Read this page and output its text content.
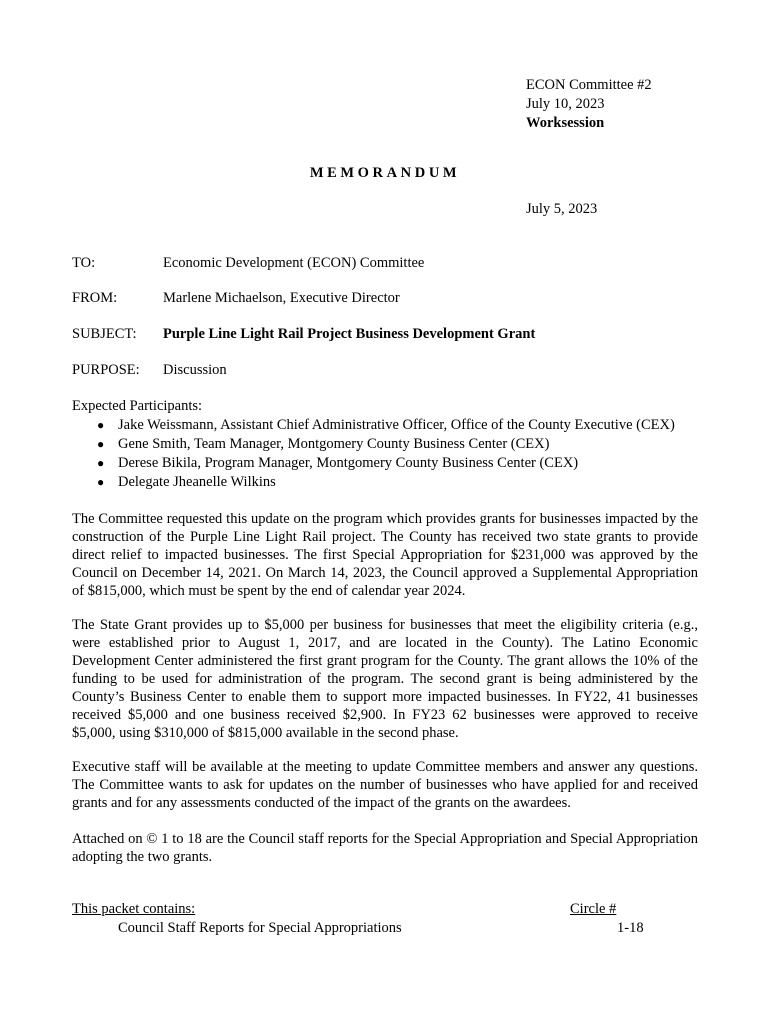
ECON Committee #2
July 10, 2023
Worksession
MEMORANDUM
July 5, 2023
TO:	Economic Development (ECON) Committee
FROM:	Marlene Michaelson, Executive Director
SUBJECT: Purple Line Light Rail Project Business Development Grant
PURPOSE: Discussion
Expected Participants:
● Jake Weissmann, Assistant Chief Administrative Officer, Office of the County Executive (CEX)
● Gene Smith, Team Manager, Montgomery County Business Center (CEX)
● Derese Bikila, Program Manager, Montgomery County Business Center (CEX)
● Delegate Jheanelle Wilkins

The Committee requested this update on the program which provides grants for businesses impacted by the construction of the Purple Line Light Rail project. The County has received two state grants to provide direct relief to impacted businesses. The first Special Appropriation for $231,000 was approved by the Council on December 14, 2021. On March 14, 2023, the Council approved a Supplemental Appropriation of $815,000, which must be spent by the end of calendar year 2024.

The State Grant provides up to $5,000 per business for businesses that meet the eligibility criteria (e.g., were established prior to August 1, 2017, and are located in the County). The Latino Economic Development Center administered the first grant program for the County. The grant allows the 10% of the funding to be used for administration of the program. The second grant is being administered by the County’s Business Center to enable them to support more impacted businesses. In FY22, 41 businesses received $5,000 and one business received $2,900. In FY23 62 businesses were approved to receive $5,000, using $310,000 of $815,000 available in the second phase.

Executive staff will be available at the meeting to update Committee members and answer any questions. The Committee wants to ask for updates on the number of businesses who have applied for and received grants and for any assessments conducted of the impact of the grants on the awardees.

Attached on © 1 to 18 are the Council staff reports for the Special Appropriation and Special Appropriation adopting the two grants.

This packet contains:	Circle #
Council Staff Reports for Special Appropriations	1-18
